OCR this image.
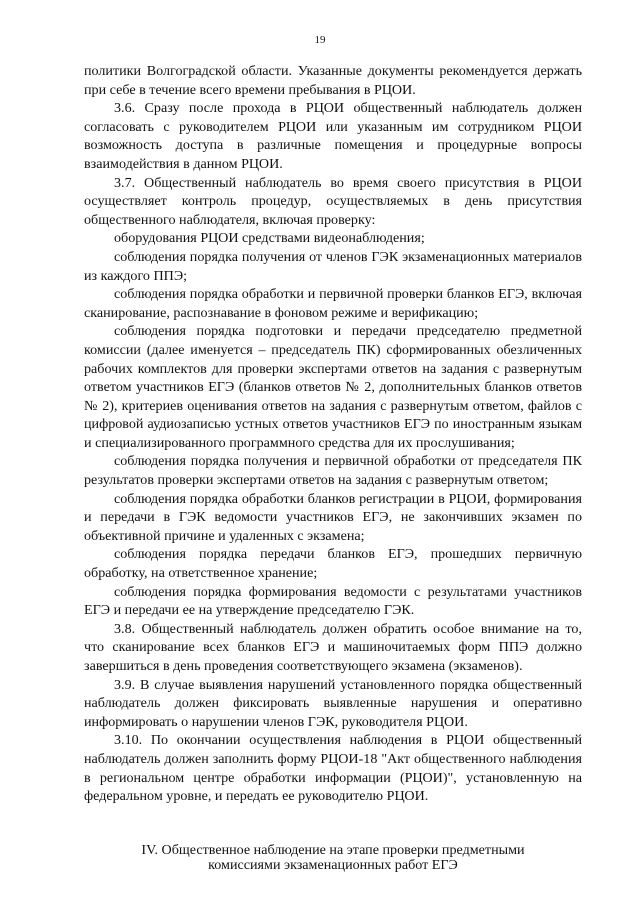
19

политики Волгоградской области. Указанные документы рекомендуется держать при себе в течение всего времени пребывания в РЦОИ.

3.6. Сразу после прохода в РЦОИ общественный наблюдатель должен согласовать с руководителем РЦОИ или указанным им сотрудником РЦОИ возможность доступа в различные помещения и процедурные вопросы взаимодействия в данном РЦОИ.

3.7. Общественный наблюдатель во время своего присутствия в РЦОИ осуществляет контроль процедур, осуществляемых в день присутствия общественного наблюдателя, включая проверку:

оборудования РЦОИ средствами видеонаблюдения;

соблюдения порядка получения от членов ГЭК экзаменационных материалов из каждого ППЭ;

соблюдения порядка обработки и первичной проверки бланков ЕГЭ, включая сканирование, распознавание в фоновом режиме и верификацию;

соблюдения порядка подготовки и передачи председателю предметной комиссии (далее именуется – председатель ПК) сформированных обезличенных рабочих комплектов для проверки экспертами ответов на задания с развернутым ответом участников ЕГЭ (бланков ответов № 2, дополнительных бланков ответов № 2), критериев оценивания ответов на задания с развернутым ответом, файлов с цифровой аудиозаписью устных ответов участников ЕГЭ по иностранным языкам и специализированного программного средства для их прослушивания;

соблюдения порядка получения и первичной обработки от председателя ПК результатов проверки экспертами ответов на задания с развернутым ответом;

соблюдения порядка обработки бланков регистрации в РЦОИ, формирования и передачи в ГЭК ведомости участников ЕГЭ, не закончивших экзамен по объективной причине и удаленных с экзамена;

соблюдения порядка передачи бланков ЕГЭ, прошедших первичную обработку, на ответственное хранение;

соблюдения порядка формирования ведомости с результатами участников ЕГЭ и передачи ее на утверждение председателю ГЭК.

3.8. Общественный наблюдатель должен обратить особое внимание на то, что сканирование всех бланков ЕГЭ и машиночитаемых форм ППЭ должно завершиться в день проведения соответствующего экзамена (экзаменов).

3.9. В случае выявления нарушений установленного порядка общественный наблюдатель должен фиксировать выявленные нарушения и оперативно информировать о нарушении членов ГЭК, руководителя РЦОИ.

3.10. По окончании осуществления наблюдения в РЦОИ общественный наблюдатель должен заполнить форму РЦОИ-18 "Акт общественного наблюдения в региональном центре обработки информации (РЦОИ)", установленную на федеральном уровне, и передать ее руководителю РЦОИ.

IV. Общественное наблюдение на этапе проверки предметными
комиссиями экзаменационных работ ЕГЭ
